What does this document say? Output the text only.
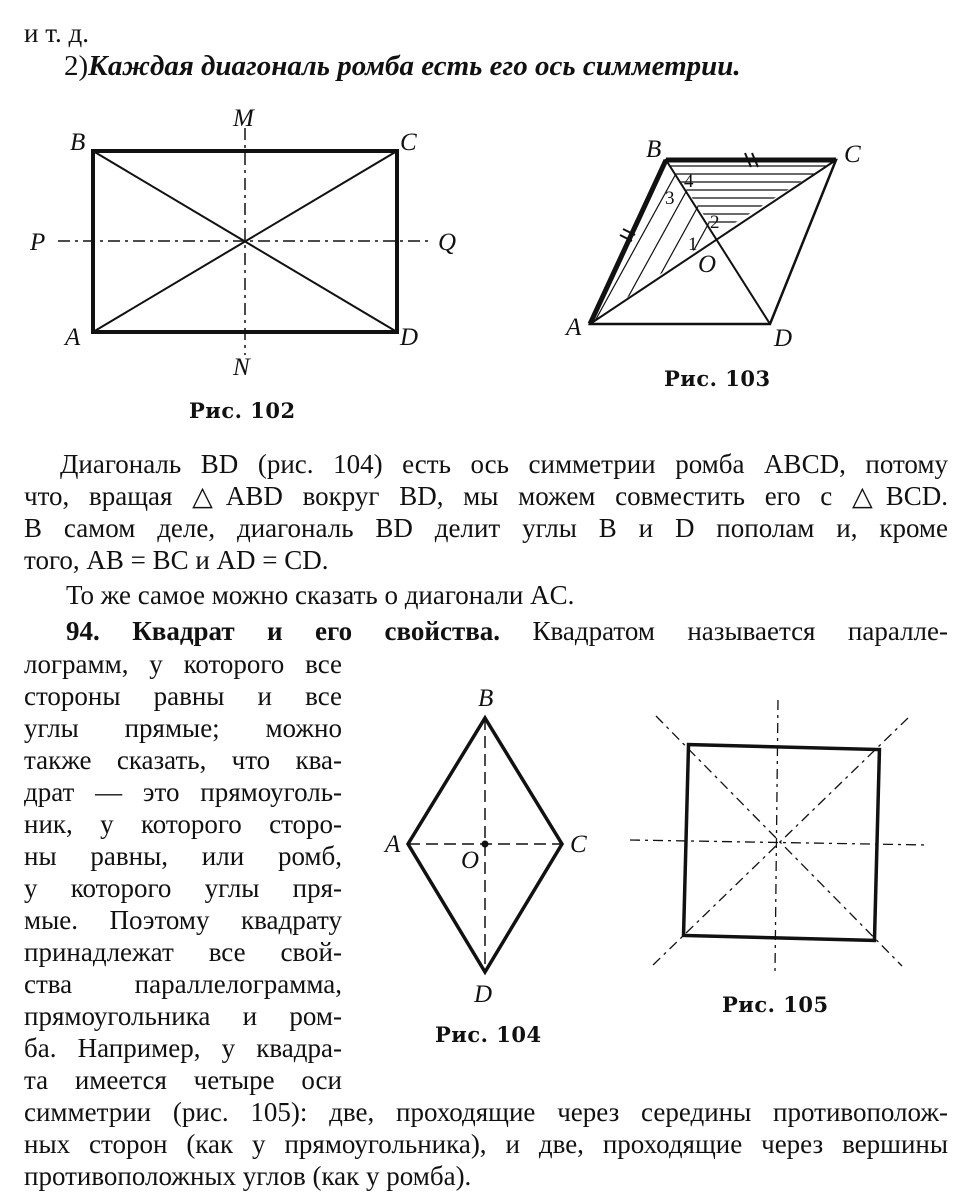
и т. д.
2)Каждая диагональ ромба есть его ось симметрии.
B	C
A	D
M
N
P	Q
Рис. 102
B	C
A	D
O
1
2
3
4
Рис. 103
Диагональ BD (рис. 104) есть ось симметрии ромба ABCD, потому
что, вращая △ABD вокруг BD, мы можем совместить его с △BCD.
В самом деле, диагональ BD делит углы B и D пополам и, кроме
того, AB = BC и AD = CD.
То же самое можно сказать о диагонали AC.
94. Квадрат и его свойства. Квадратом называется паралле-
лограмм, у которого все
стороны равны и все
углы прямые; можно
также сказать, что ква-
драт — это прямоуголь-
ник, у которого сторо-
ны равны, или ромб,
у которого углы пря-
мые. Поэтому квадрату
принадлежат все свой-
ства параллелограмма,
прямоугольника и ром-
ба. Например, у квадра-
та имеется четыре оси
B
A	C
O
D
Рис. 104
Рис. 105
симметрии (рис. 105): две, проходящие через середины противополож-
ных сторон (как у прямоугольника), и две, проходящие через вершины
противоположных углов (как у ромба).
